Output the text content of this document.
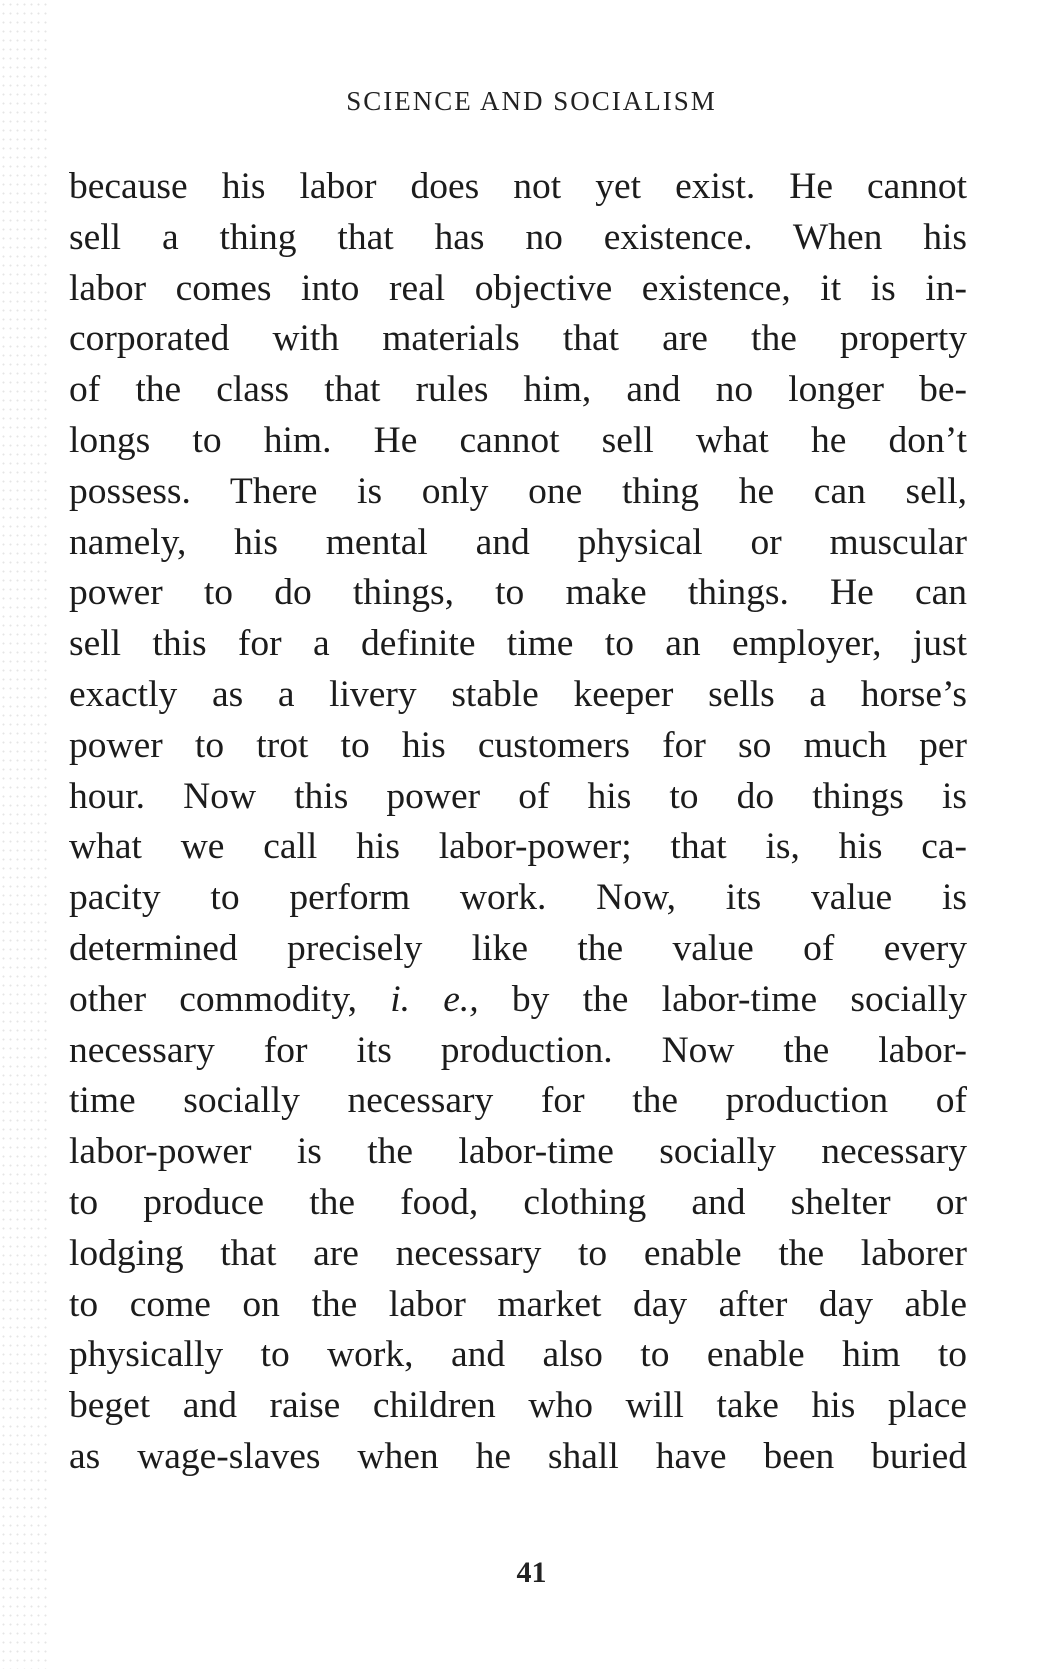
SCIENCE AND SOCIALISM
because his labor does not yet exist. He cannot
sell a thing that has no existence. When his
labor comes into real objective existence, it is in-
corporated with materials that are the property
of the class that rules him, and no longer be-
longs to him. He cannot sell what he don’t
possess. There is only one thing he can sell,
namely, his mental and physical or muscular
power to do things, to make things. He can
sell this for a definite time to an employer, just
exactly as a livery stable keeper sells a horse’s
power to trot to his customers for so much per
hour. Now this power of his to do things is
what we call his labor-power; that is, his ca-
pacity to perform work. Now, its value is
determined precisely like the value of every
other commodity, i. e., by the labor-time socially
necessary for its production. Now the labor-
time socially necessary for the production of
labor-power is the labor-time socially necessary
to produce the food, clothing and shelter or
lodging that are necessary to enable the laborer
to come on the labor market day after day able
physically to work, and also to enable him to
beget and raise children who will take his place
as wage-slaves when he shall have been buried
41
